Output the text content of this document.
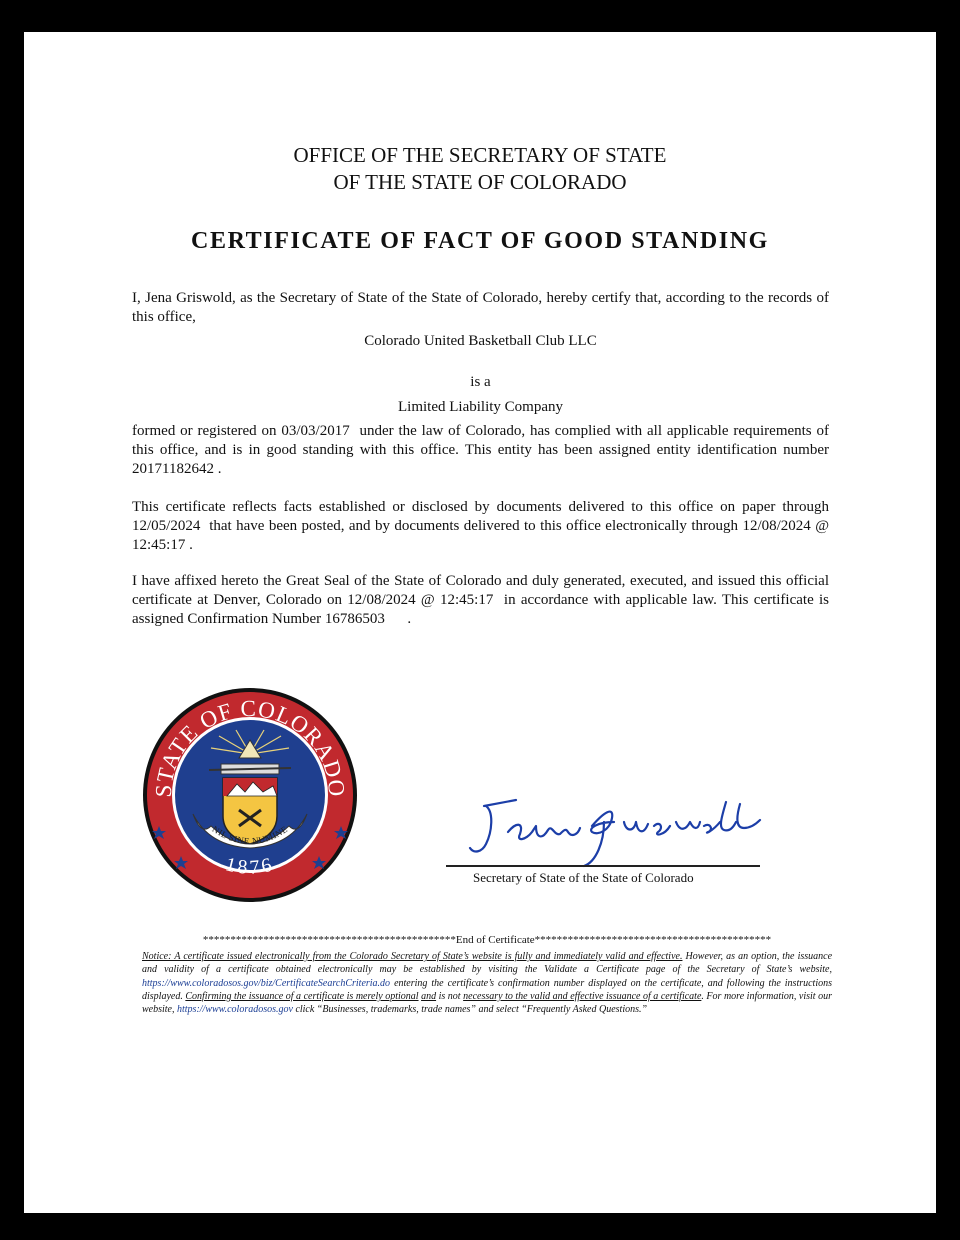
OFFICE OF THE SECRETARY OF STATE
OF THE STATE OF COLORADO
CERTIFICATE OF FACT OF GOOD STANDING
I, Jena Griswold, as the Secretary of State of the State of Colorado, hereby certify that, according to the records of this office,
Colorado United Basketball Club LLC
is a
Limited Liability Company
formed or registered on 03/03/2017 under the law of Colorado, has complied with all applicable requirements of this office, and is in good standing with this office. This entity has been assigned entity identification number 20171182642 .
This certificate reflects facts established or disclosed by documents delivered to this office on paper through 12/05/2024 that have been posted, and by documents delivered to this office electronically through 12/08/2024 @ 12:45:17 .
I have affixed hereto the Great Seal of the State of Colorado and duly generated, executed, and issued this official certificate at Denver, Colorado on 12/08/2024 @ 12:45:17 in accordance with applicable law. This certificate is assigned Confirmation Number 16786503 .
STATE OF COLORADO
1876
NIL SINE NUMINE
Secretary of State of the State of Colorado
**********************************************End of Certificate*******************************************
Notice: A certificate issued electronically from the Colorado Secretary of State’s website is fully and immediately valid and effective. However, as an option, the issuance and validity of a certificate obtained electronically may be established by visiting the Validate a Certificate page of the Secretary of State’s website, https://www.coloradosos.gov/biz/CertificateSearchCriteria.do entering the certificate’s confirmation number displayed on the certificate, and following the instructions displayed. Confirming the issuance of a certificate is merely optional and is not necessary to the valid and effective issuance of a certificate. For more information, visit our website, https://www.coloradosos.gov click “Businesses, trademarks, trade names” and select “Frequently Asked Questions.”
